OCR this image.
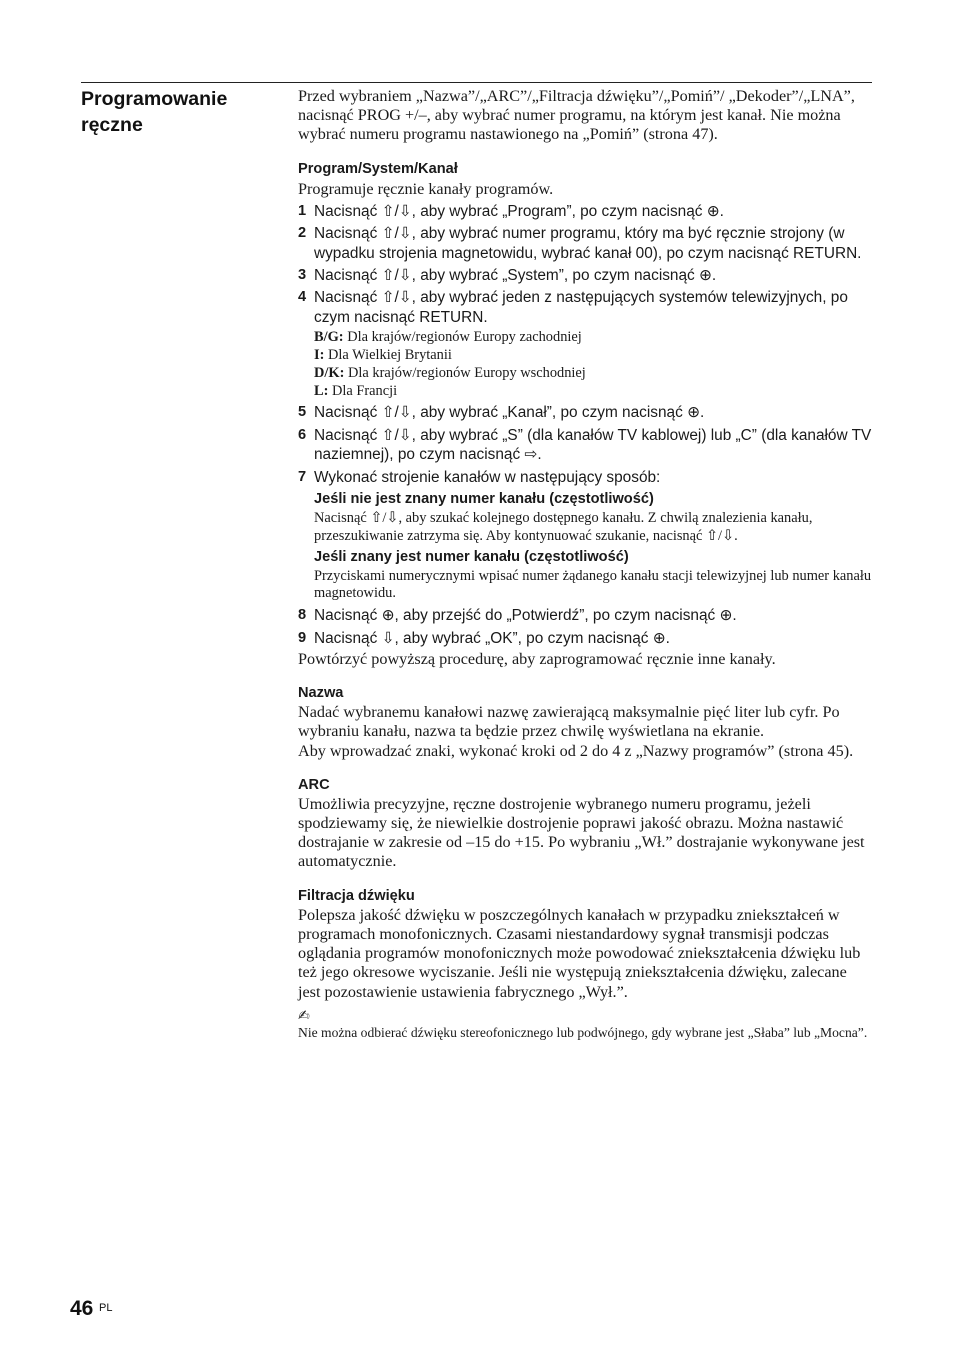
Programowanie
ręczne

Przed wybraniem „Nazwa”/„ARC”/„Filtracja dźwięku”/„Pomiń”/ „Dekoder”/„LNA”, nacisnąć PROG +/–, aby wybrać numer programu, na którym jest kanał. Nie można wybrać numeru programu nastawionego na „Pomiń” (strona 47).

Program/System/Kanał

Programuje ręcznie kanały programów.

1 Nacisnąć ⇧/⇩, aby wybrać „Program”, po czym nacisnąć ⊕.
2 Nacisnąć ⇧/⇩, aby wybrać numer programu, który ma być ręcznie strojony (w wypadku strojenia magnetowidu, wybrać kanał 00), po czym nacisnąć RETURN.
3 Nacisnąć ⇧/⇩, aby wybrać „System”, po czym nacisnąć ⊕.
4 Nacisnąć ⇧/⇩, aby wybrać jeden z następujących systemów telewizyjnych, po czym nacisnąć RETURN.
B/G: Dla krajów/regionów Europy zachodniej
I: Dla Wielkiej Brytanii
D/K: Dla krajów/regionów Europy wschodniej
L: Dla Francji
5 Nacisnąć ⇧/⇩, aby wybrać „Kanał”, po czym nacisnąć ⊕.
6 Nacisnąć ⇧/⇩, aby wybrać „S” (dla kanałów TV kablowej) lub „C” (dla kanałów TV naziemnej), po czym nacisnąć ⇨.
7 Wykonać strojenie kanałów w następujący sposób:
Jeśli nie jest znany numer kanału (częstotliwość)
Nacisnąć ⇧/⇩, aby szukać kolejnego dostępnego kanału. Z chwilą znalezienia kanału, przeszukiwanie zatrzyma się. Aby kontynuować szukanie, nacisnąć ⇧/⇩.
Jeśli znany jest numer kanału (częstotliwość)
Przyciskami numerycznymi wpisać numer żądanego kanału stacji telewizyjnej lub numer kanału magnetowidu.
8 Nacisnąć ⊕, aby przejść do „Potwierdź”, po czym nacisnąć ⊕.
9 Nacisnąć ⇩, aby wybrać „OK”, po czym nacisnąć ⊕.

Powtórzyć powyższą procedurę, aby zaprogramować ręcznie inne kanały.

Nazwa

Nadać wybranemu kanałowi nazwę zawierającą maksymalnie pięć liter lub cyfr. Po wybraniu kanału, nazwa ta będzie przez chwilę wyświetlana na ekranie.

Aby wprowadzać znaki, wykonać kroki od 2 do 4 z „Nazwy programów” (strona 45).

ARC

Umożliwia precyzyjne, ręczne dostrojenie wybranego numeru programu, jeżeli spodziewamy się, że niewielkie dostrojenie poprawi jakość obrazu. Można nastawić dostrajanie w zakresie od –15 do +15. Po wybraniu „Wł.” dostrajanie wykonywane jest automatycznie.

Filtracja dźwięku

Polepsza jakość dźwięku w poszczególnych kanałach w przypadku zniekształceń w programach monofonicznych. Czasami niestandardowy sygnał transmisji podczas oglądania programów monofonicznych może powodować zniekształcenia dźwięku lub też jego okresowe wyciszanie. Jeśli nie występują zniekształcenia dźwięku, zalecane jest pozostawienie ustawienia fabrycznego „Wył.”.

✍
Nie można odbierać dźwięku stereofonicznego lub podwójnego, gdy wybrane jest „Słaba” lub „Mocna”.
46 PL
